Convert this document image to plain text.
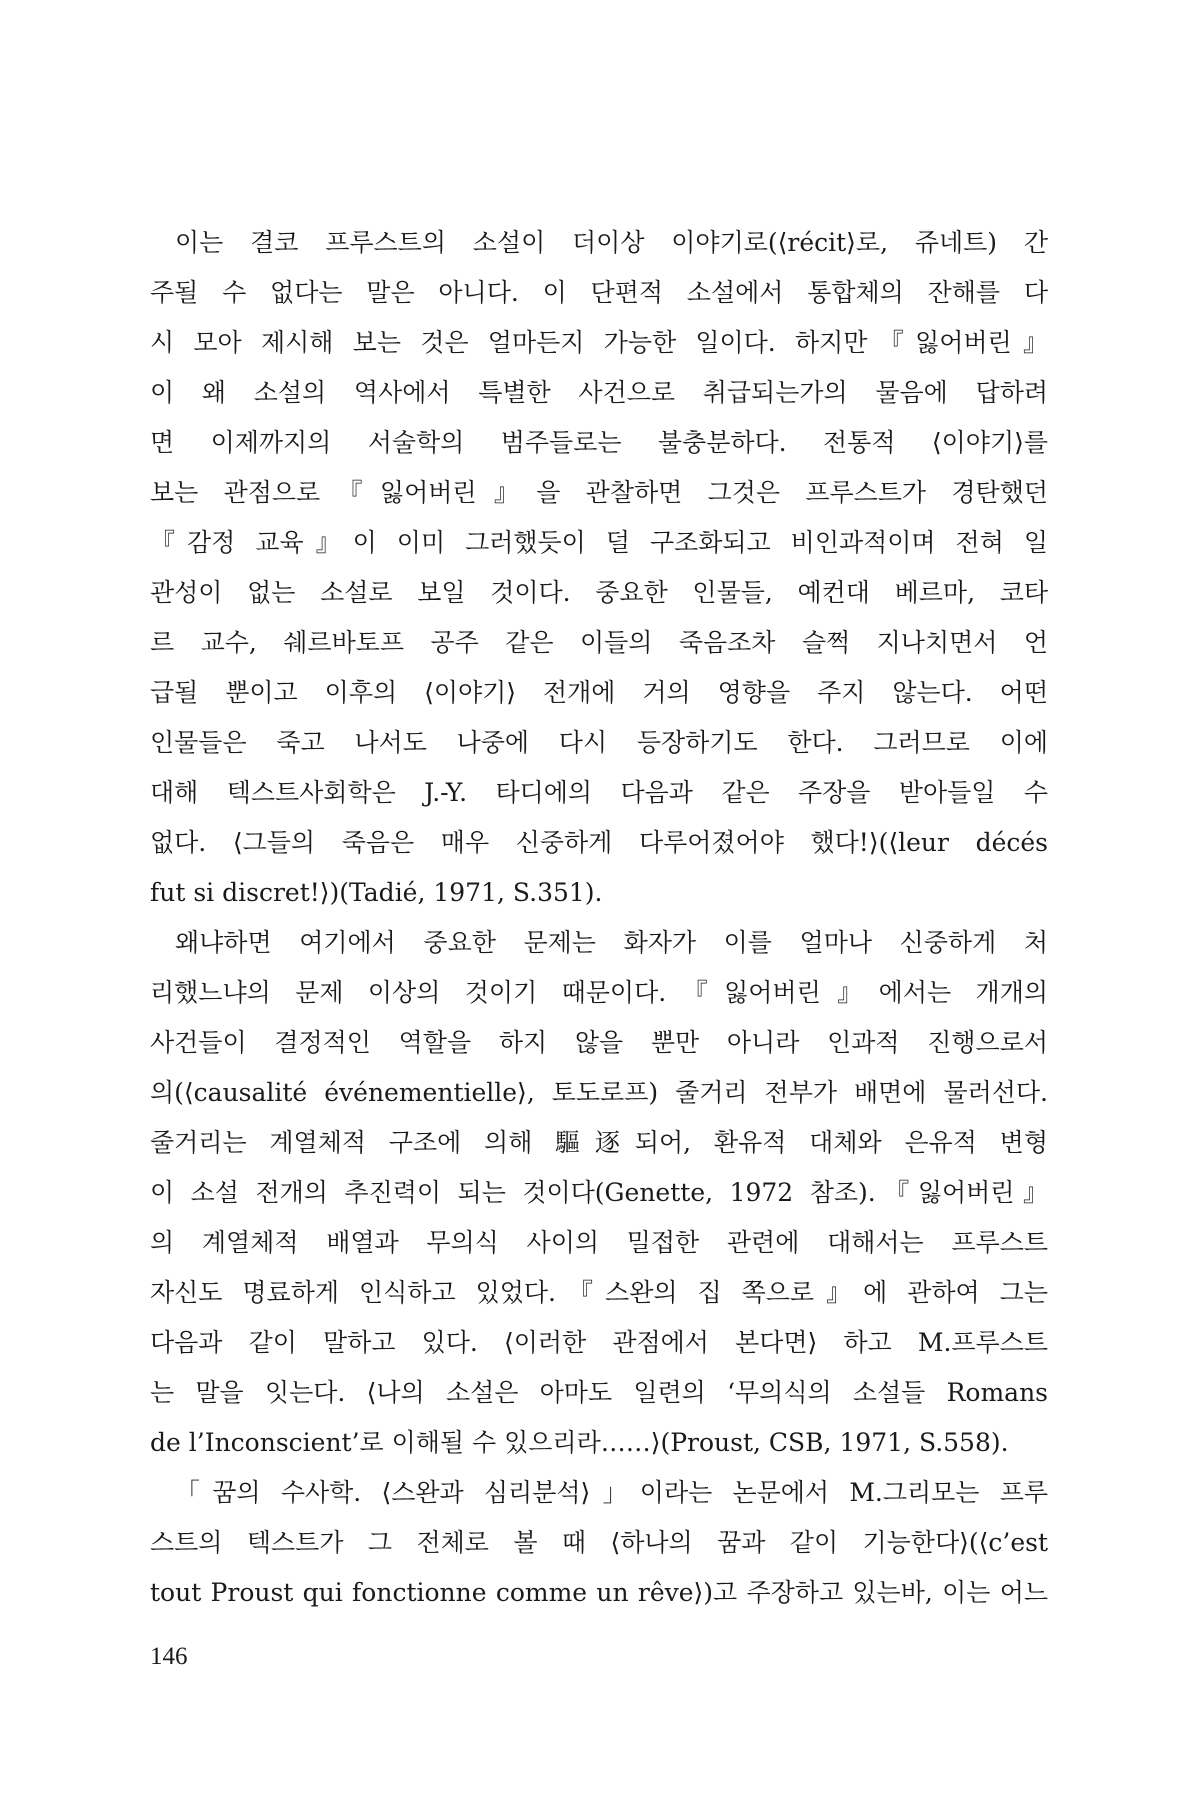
이는 결코 프루스트의 소설이 더이상 이야기로(⟨récit⟩로, 쥬네트) 간
주될 수 없다는 말은 아니다. 이 단편적 소설에서 통합체의 잔해를 다
시 모아 제시해 보는 것은 얼마든지 가능한 일이다. 하지만『잃어버린』
이 왜 소설의 역사에서 특별한 사건으로 취급되는가의 물음에 답하려
면 이제까지의 서술학의 범주들로는 불충분하다. 전통적 ⟨이야기⟩를
보는 관점으로『잃어버린』을 관찰하면 그것은 프루스트가 경탄했던
『감정 교육』이 이미 그러했듯이 덜 구조화되고 비인과적이며 전혀 일
관성이 없는 소설로 보일 것이다. 중요한 인물들, 예컨대 베르마, 코타
르 교수, 쉐르바토프 공주 같은 이들의 죽음조차 슬쩍 지나치면서 언
급될 뿐이고 이후의 ⟨이야기⟩ 전개에 거의 영향을 주지 않는다. 어떤
인물들은 죽고 나서도 나중에 다시 등장하기도 한다. 그러므로 이에
대해 텍스트사회학은 J.-Y. 타디에의 다음과 같은 주장을 받아들일 수
없다. ⟨그들의 죽음은 매우 신중하게 다루어졌어야 했다!⟩(⟨leur décés
fut si discret!⟩)(Tadié, 1971, S.351).

왜냐하면 여기에서 중요한 문제는 화자가 이를 얼마나 신중하게 처
리했느냐의 문제 이상의 것이기 때문이다.『잃어버린』에서는 개개의
사건들이 결정적인 역할을 하지 않을 뿐만 아니라 인과적 진행으로서
의(⟨causalité événementielle⟩, 토도로프) 줄거리 전부가 배면에 물러선다.
줄거리는 계열체적 구조에 의해 驅逐되어, 환유적 대체와 은유적 변형
이 소설 전개의 추진력이 되는 것이다(Genette, 1972 참조).『잃어버린』
의 계열체적 배열과 무의식 사이의 밀접한 관련에 대해서는 프루스트
자신도 명료하게 인식하고 있었다.『스완의 집 쪽으로』에 관하여 그는
다음과 같이 말하고 있다. ⟨이러한 관점에서 본다면⟩ 하고 M.프루스트
는 말을 잇는다. ⟨나의 소설은 아마도 일련의 ‘무의식의 소설들 Romans
de l’Inconscient’로 이해될 수 있으리라……⟩(Proust, CSB, 1971, S.558).

「꿈의 수사학. ⟨스완과 심리분석⟩」이라는 논문에서 M.그리모는 프루
스트의 텍스트가 그 전체로 볼 때 ⟨하나의 꿈과 같이 기능한다⟩(⟨c’est
tout Proust qui fonctionne comme un rêve⟩)고 주장하고 있는바, 이는 어느

146
